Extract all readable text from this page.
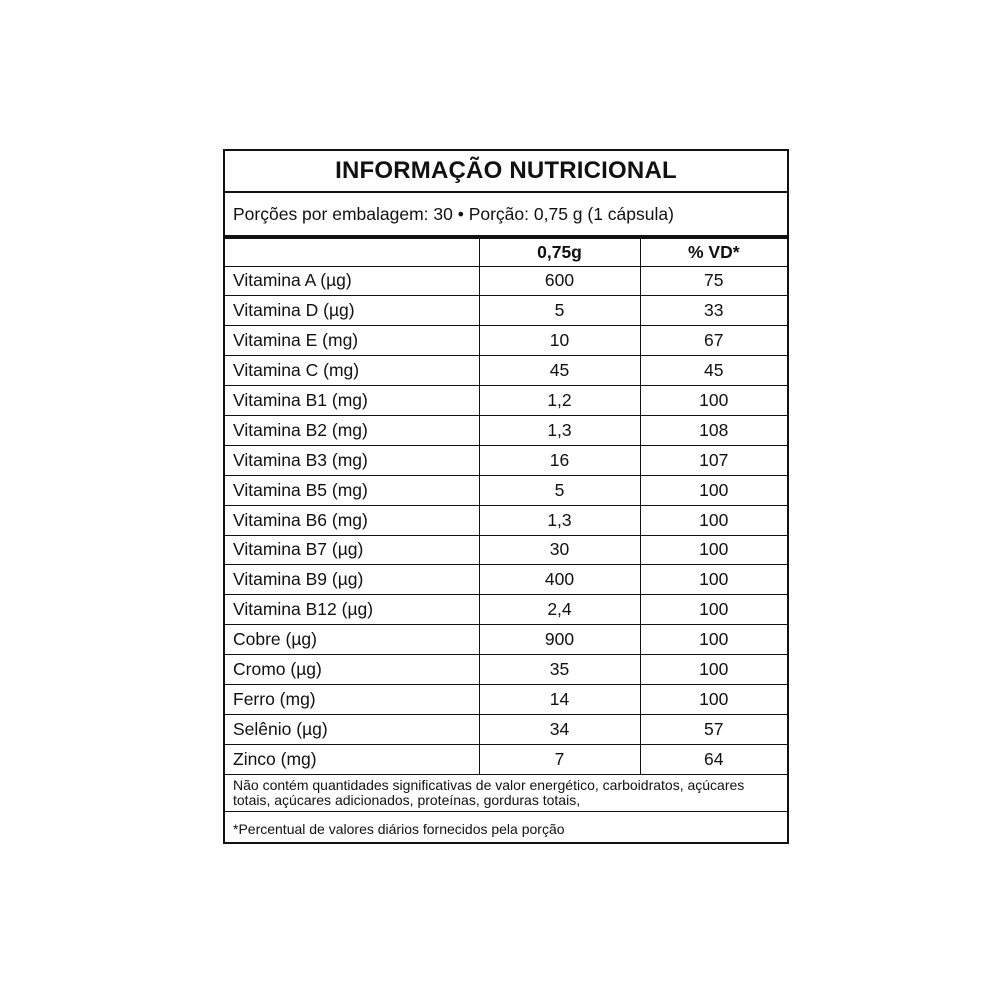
INFORMAÇÃO NUTRICIONAL
Porções por embalagem: 30 • Porção: 0,75 g (1 cápsula)
	0,75g	% VD*
Vitamina A (µg)	600	75
Vitamina D (µg)	5	33
Vitamina E (mg)	10	67
Vitamina C (mg)	45	45
Vitamina B1 (mg)	1,2	100
Vitamina B2 (mg)	1,3	108
Vitamina B3 (mg)	16	107
Vitamina B5 (mg)	5	100
Vitamina B6 (mg)	1,3	100
Vitamina B7 (µg)	30	100
Vitamina B9 (µg)	400	100
Vitamina B12 (µg)	2,4	100
Cobre (µg)	900	100
Cromo (µg)	35	100
Ferro (mg)	14	100
Selênio (µg)	34	57
Zinco (mg)	7	64
Não contém quantidades significativas de valor energético, carboidratos, açúcares totais, açúcares adicionados, proteínas, gorduras totais,
*Percentual de valores diários fornecidos pela porção
